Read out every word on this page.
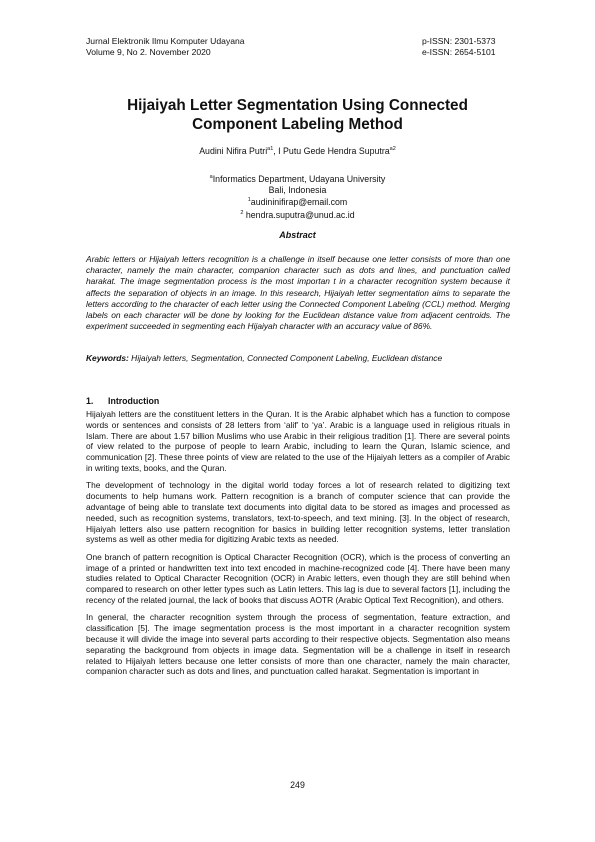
Jurnal Elektronik Ilmu Komputer Udayana
Volume 9, No 2. November 2020
p-ISSN: 2301-5373
e-ISSN: 2654-5101
Hijaiyah Letter Segmentation Using Connected
Component Labeling Method
Audini Nifira Putri$^{a1}$, I Putu Gede Hendra Suputra$^{a2}$
$^a$Informatics Department, Udayana University
Bali, Indonesia
$^1$audininifirap@email.com
$^2$ hendra.suputra@unud.ac.id
Abstract
Arabic letters or Hijaiyah letters recognition is a challenge in itself because one letter consists of more than one character, namely the main character, companion character such as dots and lines, and punctuation called harakat. The image segmentation process is the most importan t in a character recognition system because it affects the separation of objects in an image. In this research, Hijaiyah letter segmentation aims to separate the letters according to the character of each letter using the Connected Component Labeling (CCL) method. Merging labels on each character will be done by looking for the Euclidean distance value from adjacent centroids. The experiment succeeded in segmenting each Hijaiyah character with an accuracy value of 86%.
Keywords: Hijaiyah letters, Segmentation, Connected Component Labeling, Euclidean distance
1. Introduction

Hijaiyah letters are the constituent letters in the Quran. It is the Arabic alphabet which has a function to compose words or sentences and consists of 28 letters from ‘alif’ to ‘ya’. Arabic is a language used in religious rituals in Islam. There are about 1.57 billion Muslims who use Arabic in their religious tradition [1]. There are several points of view related to the purpose of people to learn Arabic, including to learn the Quran, Islamic science, and communication [2]. These three points of view are related to the use of the Hijaiyah letters as a compiler of Arabic in writing texts, books, and the Quran.

The development of technology in the digital world today forces a lot of research related to digitizing text documents to help humans work. Pattern recognition is a branch of computer science that can provide the advantage of being able to translate text documents into digital data to be stored as images and processed as needed, such as recognition systems, translators, text-to-speech, and text mining. [3]. In the object of research, Hijaiyah letters also use pattern recognition for basics in building letter recognition systems, letter translation systems as well as other media for digitizing Arabic texts as needed.

One branch of pattern recognition is Optical Character Recognition (OCR), which is the process of converting an image of a printed or handwritten text into text encoded in machine-recognized code [4]. There have been many studies related to Optical Character Recognition (OCR) in Arabic letters, even though they are still behind when compared to research on other letter types such as Latin letters. This lag is due to several factors [1], including the recency of the related journal, the lack of books that discuss AOTR (Arabic Optical Text Recognition), and others.

In general, the character recognition system through the process of segmentation, feature extraction, and classification [5]. The image segmentation process is the most important in a character recognition system because it will divide the image into several parts according to their respective objects. Segmentation also means separating the background from objects in image data. Segmentation will be a challenge in itself in research related to Hijaiyah letters because one letter consists of more than one character, namely the main character, companion character such as dots and lines, and punctuation called harakat. Segmentation is important in

249
